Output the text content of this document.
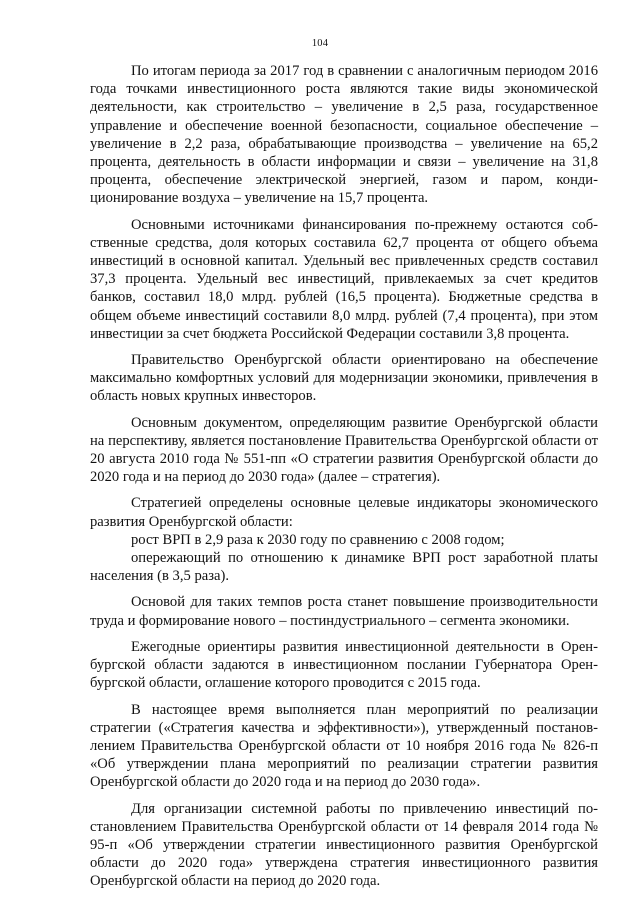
104

По итогам периода за 2017 год в сравнении с аналогичным периодом 2016 года точками инвестиционного роста являются такие виды экономической деятельности, как строительство – увеличение в 2,5 раза, государственное управление и обеспечение военной безопасности, социальное обеспечение – увеличение в 2,2 раза, обрабатывающие производства – увеличение на 65,2 процента, деятельность в области информации и связи – увеличение на 31,8 процента, обеспечение электрической энергией, газом и паром, кондиционирование воздуха – увеличение на 15,7 процента.

Основными источниками финансирования по-прежнему остаются собственные средства, доля которых составила 62,7 процента от общего объема инвестиций в основной капитал. Удельный вес привлеченных средств составил 37,3 процента. Удельный вес инвестиций, привлекаемых за счет кредитов банков, составил 18,0 млрд. рублей (16,5 процента). Бюджетные средства в общем объеме инвестиций составили 8,0 млрд. рублей (7,4 процента), при этом инвестиции за счет бюджета Российской Федерации составили 3,8 процента.

Правительство Оренбургской области ориентировано на обеспечение максимально комфортных условий для модернизации экономики, привлечения в область новых крупных инвесторов.

Основным документом, определяющим развитие Оренбургской области на перспективу, является постановление Правительства Оренбургской области от 20 августа 2010 года № 551-пп «О стратегии развития Оренбургской области до 2020 года и на период до 2030 года» (далее – стратегия).

Стратегией определены основные целевые индикаторы экономического развития Оренбургской области:

рост ВРП в 2,9 раза к 2030 году по сравнению с 2008 годом;

опережающий по отношению к динамике ВРП рост заработной платы населения (в 3,5 раза).

Основой для таких темпов роста станет повышение производительности труда и формирование нового – постиндустриального – сегмента экономики.

Ежегодные ориентиры развития инвестиционной деятельности в Оренбургской области задаются в инвестиционном послании Губернатора Оренбургской области, оглашение которого проводится с 2015 года.

В настоящее время выполняется план мероприятий по реализации стратегии («Стратегия качества и эффективности»), утвержденный постановлением Правительства Оренбургской области от 10 ноября 2016 года № 826-п «Об утверждении плана мероприятий по реализации стратегии развития Оренбургской области до 2020 года и на период до 2030 года».

Для организации системной работы по привлечению инвестиций постановлением Правительства Оренбургской области от 14 февраля 2014 года № 95-п «Об утверждении стратегии инвестиционного развития Оренбургской области до 2020 года» утверждена стратегия инвестиционного развития Оренбургской области на период до 2020 года.
